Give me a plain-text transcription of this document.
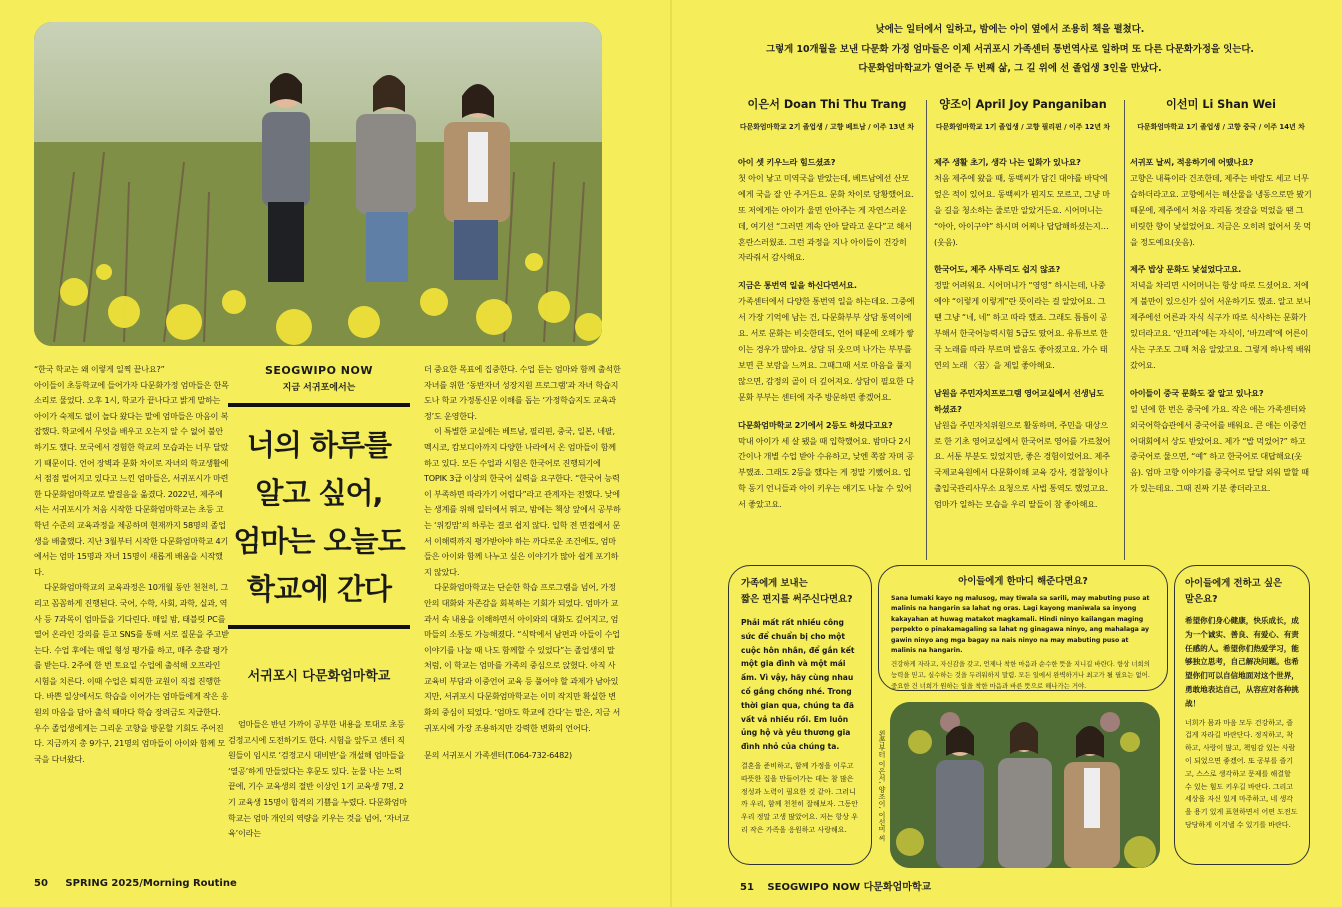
“한국 학교는 왜 이렇게 일찍 끝나요?”

아이들이 초등학교에 들어가자 다문화가정 엄마들은 한목소리로 물었다. 오후 1시, 학교가 끝나다고 밝게 말하는 아이가 숙제도 없이 놀다 왔다는 말에 엄마들은 마음이 복잡했다. 학교에서 무엇을 배우고 오는지 알 수 없어 불안하기도 했다. 모국에서 경험한 학교의 모습과는 너무 달랐기 때문이다. 언어 장벽과 문화 차이로 자녀의 학교생활에 서 점점 멀어지고 있다고 느낀 엄마들은, 서귀포시가 마련한 다문화엄마학교로 발걸음을 옮겼다. 2022년, 제주에서는 서귀포시가 처음 시작한 다문화엄마학교는 초등 고학년 수준의 교육과정을 제공하며 현재까지 58명의 졸업생을 배출했다. 지난 3월부터 시작한 다문화엄마학교 4기에서는 엄마 15명과 자녀 15명이 새롭게 배움을 시작했다.

다문화엄마학교의 교육과정은 10개월 동안 천천히, 그리고 꼼꼼하게 진행된다. 국어, 수학, 사회, 과학, 실과, 역사 등 7과목이 엄마들을 기다린다. 매일 밤, 태블릿 PC를 열어 온라인 강의를 듣고 SNS를 통해 서로 질문을 주고받는다. 수업 후에는 매일 형성 평가를 하고, 매주 총괄 평가를 받는다. 2주에 한 번 토요일 수업에 출석해 오프라인 시험을 치른다. 이때 수업은 퇴직한 교원이 직접 진행한다. 바쁜 일상에서도 학습을 이어가는 엄마들에게 작은 응원의 마음을 담아 출석 때마다 학습 장려금도 지급한다. 우수 졸업생에게는 그리운 고향을 방문할 기회도 주어진다. 지금까지 총 9가구, 21명의 엄마들이 아이와 함께 모국을 다녀왔다.

SEOGWIPO NOW
지금 서귀포에서는
너의 하루를
알고 싶어,
엄마는 오늘도
학교에 간다
서귀포시 다문화엄마학교

엄마들은 반년 가까이 공부한 내용을 토대로 초등 검정고시에 도전하기도 한다. 시험을 앞두고 센터 직원들이 임시로 ‘검정고시 대비반’을 개설해 엄마들을 ‘열공’하게 만들었다는 후문도 있다. 눈물 나는 노력 끝에, 기수 교육생의 절반 이상인 1기 교육생 7명, 2기 교육생 15명이 합격의 기쁨을 누렸다. 다문화엄마학교는 엄마 개인의 역량을 키우는 것을 넘어, ‘자녀교육’이라는

더 중요한 목표에 집중한다. 수업 듣는 엄마와 함께 출석한 자녀를 위한 ‘동반자녀 성장지원 프로그램’과 자녀 학습지도나 학교 가정통신문 이해를 돕는 ‘가정학습지도 교육과정’도 운영한다.

이 특별한 교실에는 베트남, 필리핀, 중국, 일본, 네팔, 멕시코, 캄보디아까지 다양한 나라에서 온 엄마들이 함께하고 있다. 모든 수업과 시험은 한국어로 진행되기에 TOPIK 3급 이상의 한국어 실력을 요구한다. “한국어 능력이 부족하면 따라가기 어렵다”라고 관계자는 전했다. 낮에는 생계를 위해 일터에서 뛰고, 밤에는 책상 앞에서 공부하는 ‘위킹맘’의 하루는 결코 쉽지 않다. 입학 전 면접에서 문서 이해력까지 평가받아야 하는 까다로운 조건에도, 엄마들은 아이와 함께 나누고 싶은 이야기가 많아 쉽게 포기하지 않았다.

다문화엄마학교는 단순한 학습 프로그램을 넘어, 가정 안의 대화와 자존감을 회복하는 기회가 되었다. 엄마가 교과서 속 내용을 이해하면서 아이와의 대화도 깊어지고, 엄마들의 소통도 가능해졌다. “식탁에서 남편과 아들이 수업 이야기를 나눌 때 나도 함께할 수 있었다”는 졸업생의 말처럼, 이 학교는 엄마를 가족의 중심으로 앉혔다. 아직 사교육비 부담과 이중언어 교육 등 풀어야 할 과제가 남아있지만, 서귀포시 다문화엄마학교는 이미 작지만 확실한 변화의 중심이 되었다. ‘엄마도 학교에 간다’는 말은, 지금 서귀포시에 가장 조용하지만 강력한 변화의 언어다.

문의 서귀포시 가족센터(T.064-732-6482)

50 SPRING 2025/Morning Routine
낮에는 일터에서 일하고, 밤에는 아이 옆에서 조용히 책을 펼쳤다.
그렇게 10개월을 보낸 다문화 가정 엄마들은 이제 서귀포시 가족센터 통번역사로 일하며 또 다른 다문화가정을 잇는다.
다문화엄마학교가 열어준 두 번째 삶, 그 길 위에 선 졸업생 3인을 만났다.
이은서 Doan Thi Thu Trang
다문화엄마학교 2기 졸업생 / 고향 베트남 / 이주 13년 차

아이 셋 키우느라 힘드셨죠?
첫 아이 낳고 미역국을 받았는데, 베트남에선 산모에게 국을 잘 안 주거든요. 문화 차이로 당황했어요. 또 저에게는 아이가 울면 안아주는 게 자연스러운데, 여기선 “그러면 계속 안아 달라고 운다”고 해서 혼란스러웠죠. 그런 과정을 지나 아이들이 건강히 자라줘서 감사해요.

지금은 통번역 일을 하신다면서요.
가족센터에서 다양한 통번역 일을 하는데요. 그중에서 가장 기억에 남는 건, 다문화부부 상담 통역이에요. 서로 문화는 비슷한데도, 언어 때문에 오해가 쌓이는 경우가 많아요. 상담 뒤 웃으며 나가는 부부를 보면 큰 보람을 느껴요. 그때그때 서로 마음을 풀지 않으면, 감정의 골이 더 깊어져요. 상담이 필요한 다문화 부부는 센터에 자주 방문하면 좋겠어요.

다문화엄마학교 2기에서 2등도 하셨다고요?
막내 아이가 세 살 됐을 때 입학했어요. 밤마다 2시간이나 개별 수업 받아 수유하고, 낮엔 쪽잠 자며 공부했죠. 그래도 2등을 했다는 게 정말 기뻤어요. 입학 동기 언니들과 아이 키우는 얘기도 나눌 수 있어서 좋았고요.

양조이 April Joy Panganiban
다문화엄마학교 1기 졸업생 / 고향 필리핀 / 이주 12년 차

제주 생활 초기, 생각 나는 일화가 있나요?
처음 제주에 왔을 때, 동백씨가 담긴 대야를 바닥에 엎은 적이 있어요. 동백씨가 뭔지도 모르고, 그냥 마을 길을 청소하는 줄로만 알았거든요. 시어머니는 “아아, 아이구야” 하시며 어찌나 답답해하셨는지…(웃음).

한국어도, 제주 사투리도 쉽지 않죠?
정말 어려워요. 시어머니가 “영영” 하시는데, 나중에야 “이렇게 이렇게”란 뜻이라는 걸 알았어요. 그땐 그냥 “네, 네” 하고 따라 했죠. 그래도 틈틈이 공부해서 한국어능력시험 5급도 땄어요. 유튜브로 한국 노래를 따라 부르며 발음도 좋아졌고요. 가수 태연의 노래 〈꿈〉을 제일 좋아해요.

남원읍 주민자치프로그램 영어교실에서 선생님도 하셨죠?
남원읍 주민자치위원으로 활동하며, 주민을 대상으로 한 기초 영어교실에서 한국어로 영어를 가르쳤어요. 서툰 부분도 있었지만, 좋은 경험이었어요. 제주국제교육원에서 다문화이해 교육 강사, 경찰청이나 출입국관리사무소 요청으로 사법 통역도 했었고요. 엄마가 일하는 모습을 우리 딸들이 참 좋아해요.

이선미 Li Shan Wei
다문화엄마학교 1기 졸업생 / 고향 중국 / 이주 14년 차

서귀포 날씨, 적응하기에 어땠나요?
고향은 내륙이라 건조한데, 제주는 바람도 세고 너무 습하더라고요. 고향에서는 해산물을 냉동으로만 봤기 때문에, 제주에서 처음 자리돔 젓갈을 먹었을 땐 그 비릿한 향이 낯설었어요. 지금은 오히려 없어서 못 먹을 정도예요(웃음).

제주 밥상 문화도 낯설었다고요.
저녁을 차리면 시어머니는 항상 따로 드셨어요. 저에게 불만이 있으신가 싶어 서운하기도 했죠. 알고 보니 제주에선 어른과 자식 식구가 따로 식사하는 문화가 있더라고요. ‘안끄레’에는 자식이, ‘바끄레’에 어른이 사는 구조도 그때 처음 알았고요. 그렇게 하나씩 배워갔어요.

아이들이 중국 문화도 잘 알고 있나요?
일 년에 한 번은 중국에 가요. 작은 애는 가족센터와 외국어학습관에서 중국어를 배워요. 큰 애는 이중언어대회에서 상도 받았어요. 제가 “밥 먹었어?” 하고 중국어로 물으면, “예” 하고 한국어로 대답해요(웃음). 엄마 고향 이야기를 중국어로 달달 외워 말할 때가 있는데요. 그때 진짜 기분 좋더라고요.

가족에게 보내는
짧은 편지를 써주신다면요?
Phải mất rất nhiều công sức để chuẩn bị cho một cuộc hôn nhân, để gắn kết một gia đình và một mái ấm. Vì vậy, hãy cùng nhau cố gắng chồng nhé. Trong thời gian qua, chúng ta đã vất vả nhiều rồi. Em luôn ủng hộ và yêu thương gia đình nhỏ của chúng ta.
결혼을 준비하고, 함께 가정을 이루고 따뜻한 집을 만들어가는 데는 참 많은 정성과 노력이 필요한 것 같아. 그러니까 우리, 함께 천천히 잘해보자. 그동안 우리 정말 고생 많았어요. 저는 항상 우리 작은 가족을 응원하고 사랑해요.
아이들에게 한마디 해준다면요?
Sana lumaki kayo ng malusog, may tiwala sa sarili, may mabuting puso at malinis na hangarin sa lahat ng oras. Lagi kayong maniwala sa inyong kakayahan at huwag matakot magkamali. Hindi ninyo kailangan maging perpekto o pinakamagaling sa lahat ng ginagawa ninyo, ang mahalaga ay gawin ninyo ang mga bagay na nais ninyo na may mabuting puso at malinis na hangarin.
건강하게 자라고, 자신감을 갖고, 언제나 착한 마음과 순수한 뜻을 지니길 바란다. 항상 너희의 능력을 믿고, 실수하는 것을 두려워하지 말렴. 모든 일에서 완벽하거나 최고가 될 필요는 없어. 중요한 건 너희가 원하는 일을 착한 마음과 바른 뜻으로 해나가는 거야.
아이들에게 전하고 싶은
말은요?
希望你们身心健康，快乐成长，成为一个诚实、善良、有爱心、有责任感的人。希望你们热爱学习，能够独立思考，自己解决问题。也希望你们可以自信地面对这个世界，勇敢地表达自己，从容应对各种挑战！
너희가 몸과 마음 모두 건강하고, 즐겁게 자라길 바란단다. 정직하고, 착하고, 사랑이 많고, 책임감 있는 사람이 되었으면 좋겠어. 또 공부를 즐기고, 스스로 생각하고 문제를 해결할 수 있는 힘도 키우길 바란다. 그리고 세상을 자신 있게 마주하고, 네 생각을 용기 있게 표현하면서 어떤 도전도 당당하게 이겨낼 수 있기를 바란다.
왼쪽부터 이은서, 양조이, 이선미 씨
51 SEOGWIPO NOW 다문화엄마학교
